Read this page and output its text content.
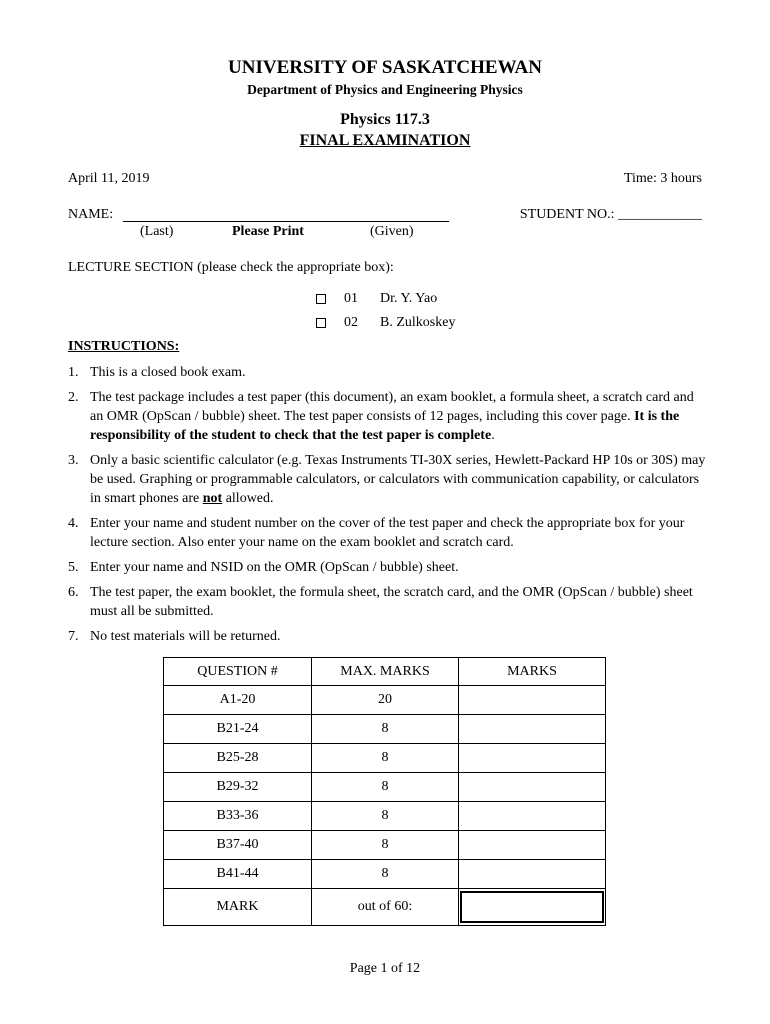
UNIVERSITY OF SASKATCHEWAN
Department of Physics and Engineering Physics
Physics 117.3
FINAL EXAMINATION
April 11, 2019	Time: 3 hours
NAME:	STUDENT NO.: ____________
(Last)	Please Print	(Given)
LECTURE SECTION (please check the appropriate box):
01	Dr. Y. Yao
02	B. Zulkoskey
INSTRUCTIONS:
1. This is a closed book exam.
2. The test package includes a test paper (this document), an exam booklet, a formula sheet, a scratch card and an OMR (OpScan / bubble) sheet. The test paper consists of 12 pages, including this cover page. It is the responsibility of the student to check that the test paper is complete.
3. Only a basic scientific calculator (e.g. Texas Instruments TI-30X series, Hewlett-Packard HP 10s or 30S) may be used. Graphing or programmable calculators, or calculators with communication capability, or calculators in smart phones are not allowed.
4. Enter your name and student number on the cover of the test paper and check the appropriate box for your lecture section. Also enter your name on the exam booklet and scratch card.
5. Enter your name and NSID on the OMR (OpScan / bubble) sheet.
6. The test paper, the exam booklet, the formula sheet, the scratch card, and the OMR (OpScan / bubble) sheet must all be submitted.
7. No test materials will be returned.
QUESTION #	MAX. MARKS	MARKS
A1-20	20	
B21-24	8	
B25-28	8	
B29-32	8	
B33-36	8	
B37-40	8	
B41-44	8	
MARK	out of 60:	
Page 1 of 12
